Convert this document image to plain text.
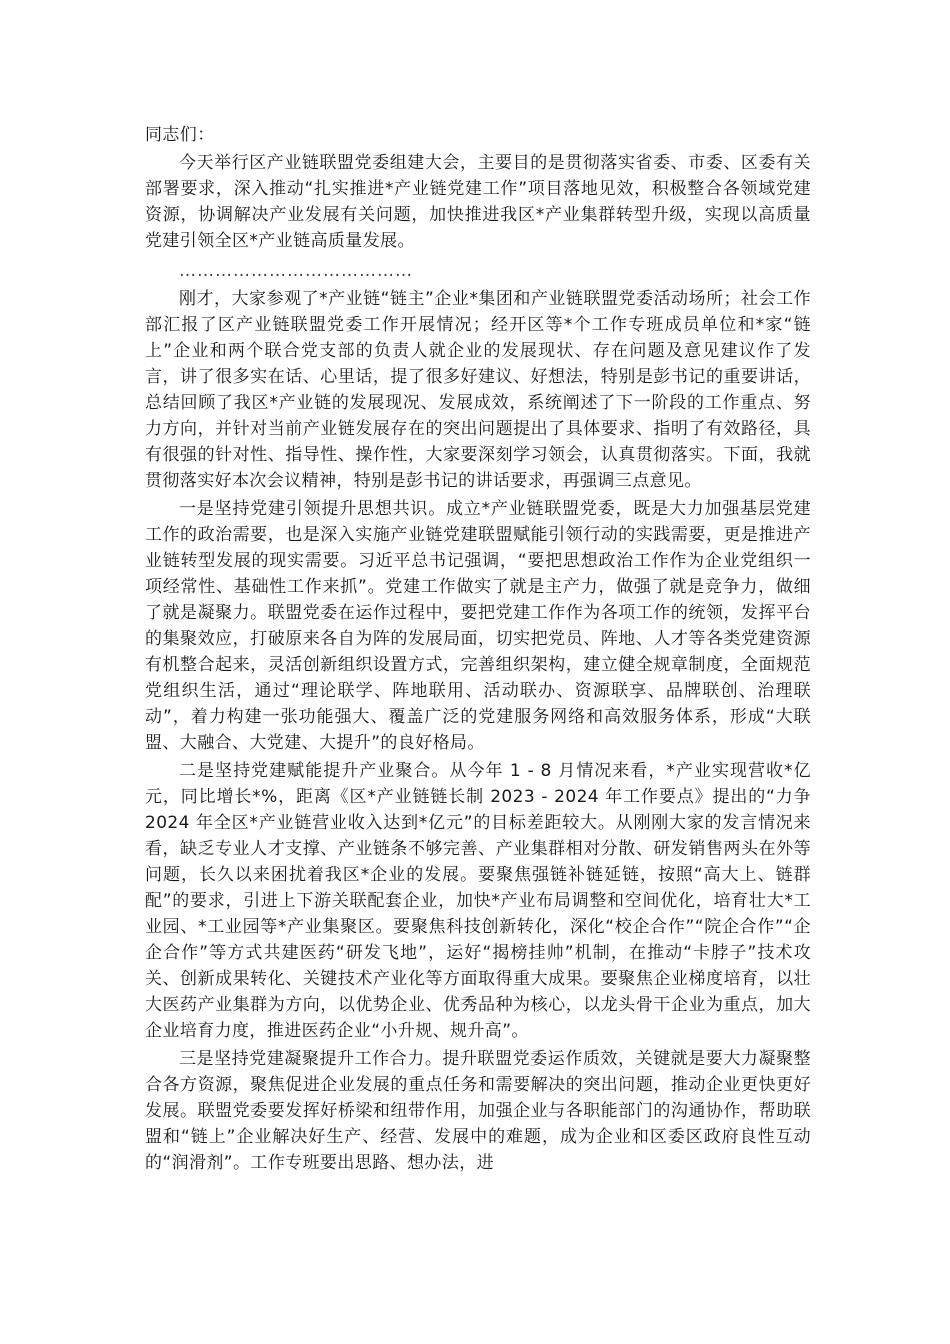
同志们：

今天举行区产业链联盟党委组建大会，主要目的是贯彻落实省委、市委、区委有关部署要求，深入推动“扎实推进*产业链党建工作”项目落地见效，积极整合各领域党建资源，协调解决产业发展有关问题，加快推进我区*产业集群转型升级，实现以高质量党建引领全区*产业链高质量发展。

…………………………………

刚才，大家参观了*产业链“链主”企业*集团和产业链联盟党委活动场所；社会工作部汇报了区产业链联盟党委工作开展情况；经开区等*个工作专班成员单位和*家“链上”企业和两个联合党支部的负责人就企业的发展现状、存在问题及意见建议作了发言，讲了很多实在话、心里话，提了很多好建议、好想法，特别是彭书记的重要讲话，总结回顾了我区*产业链的发展现况、发展成效，系统阐述了下一阶段的工作重点、努力方向，并针对当前产业链发展存在的突出问题提出了具体要求、指明了有效路径，具有很强的针对性、指导性、操作性，大家要深刻学习领会，认真贯彻落实。下面，我就贯彻落实好本次会议精神，特别是彭书记的讲话要求，再强调三点意见。

一是坚持党建引领提升思想共识。成立*产业链联盟党委，既是大力加强基层党建工作的政治需要，也是深入实施产业链党建联盟赋能引领行动的实践需要，更是推进产业链转型发展的现实需要。习近平总书记强调，“要把思想政治工作作为企业党组织一项经常性、基础性工作来抓”。党建工作做实了就是主产力，做强了就是竞争力，做细了就是凝聚力。联盟党委在运作过程中，要把党建工作作为各项工作的统领，发挥平台的集聚效应，打破原来各自为阵的发展局面，切实把党员、阵地、人才等各类党建资源有机整合起来，灵活创新组织设置方式，完善组织架构，建立健全规章制度，全面规范党组织生活，通过“理论联学、阵地联用、活动联办、资源联享、品牌联创、治理联动”，着力构建一张功能强大、覆盖广泛的党建服务网络和高效服务体系，形成“大联盟、大融合、大党建、大提升”的良好格局。

二是坚持党建赋能提升产业聚合。从今年 1 - 8 月情况来看，*产业实现营收*亿元，同比增长*%，距离《区*产业链链长制 2023 - 2024 年工作要点》提出的“力争 2024 年全区*产业链营业收入达到*亿元”的目标差距较大。从刚刚大家的发言情况来看，缺乏专业人才支撑、产业链条不够完善、产业集群相对分散、研发销售两头在外等问题，长久以来困扰着我区*企业的发展。要聚焦强链补链延链，按照“高大上、链群配”的要求，引进上下游关联配套企业，加快*产业布局调整和空间优化，培育壮大*工业园、*工业园等*产业集聚区。要聚焦科技创新转化，深化“校企合作”“院企合作”“企企合作”等方式共建医药“研发飞地”，运好“揭榜挂帅”机制，在推动“卡脖子”技术攻关、创新成果转化、关键技术产业化等方面取得重大成果。要聚焦企业梯度培育，以壮大医药产业集群为方向，以优势企业、优秀品种为核心，以龙头骨干企业为重点，加大企业培育力度，推进医药企业“小升规、规升高”。

三是坚持党建凝聚提升工作合力。提升联盟党委运作质效，关键就是要大力凝聚整合各方资源，聚焦促进企业发展的重点任务和需要解决的突出问题，推动企业更快更好发展。联盟党委要发挥好桥梁和纽带作用，加强企业与各职能部门的沟通协作，帮助联盟和“链上”企业解决好生产、经营、发展中的难题，成为企业和区委区政府良性互动的“润滑剂”。工作专班要出思路、想办法，进
